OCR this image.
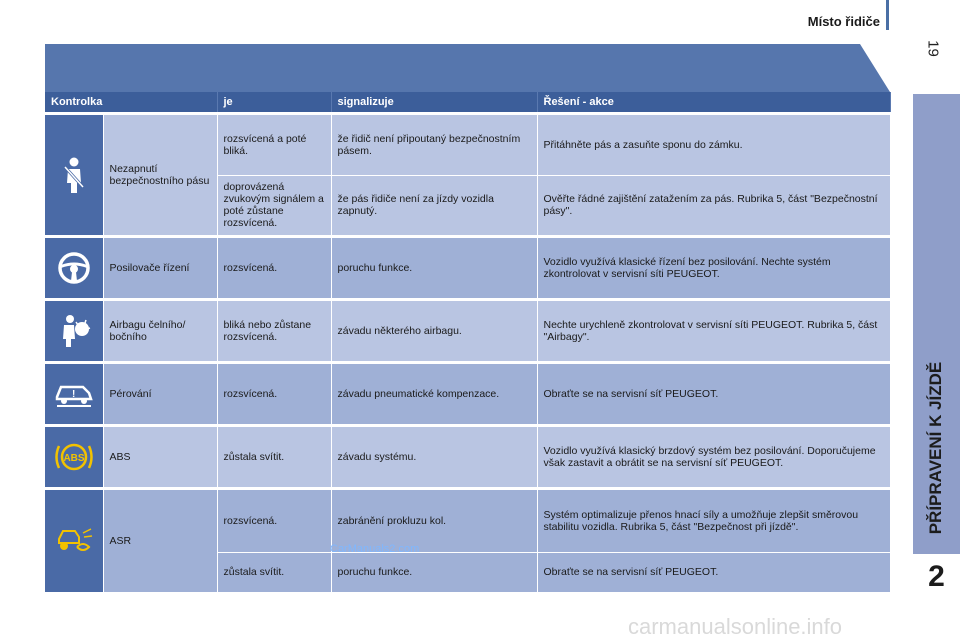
Místo řidiče
19
PŘÍPRAVENÍ K JÍZDĚ
2
Kontrolka		je	signalizuje	Řešení - akce

	Nezapnutí bezpečnostního pásu	rozsvícená a poté bliká.	že řidič není připoutaný bezpečnostním pásem.	Přitáhněte pás a zasuňte sponu do zámku.
		doprovázená zvukovým signálem a poté zůstane rozsvícená.	že pás řidiče není za jízdy vozidla zapnutý.	Ověřte řádné zajištění zatažením za pás. Rubrika 5, část "Bezpečnostní pásy".

	Posilovače řízení	rozsvícená.	poruchu funkce.	Vozidlo využívá klasické řízení bez posilování. Nechte systém zkontrolovat v servisní síti PEUGEOT.

	Airbagu čelního/ bočního	bliká nebo zůstane rozsvícená.	závadu některého airbagu.	Nechte urychleně zkontrolovat v servisní síti PEUGEOT. Rubrika 5, část "Airbagy".

!	Pérování	rozsvícená.	závadu pneumatické kompenzace.	Obraťte se na servisní síť PEUGEOT.

ABS	ABS	zůstala svítit.	závadu systému.	Vozidlo využívá klasický brzdový systém bez posilování. Doporučujeme však zastavit a obrátit se na servisní síť PEUGEOT.

	ASR	rozsvícená.	zabránění prokluzu kol.	Systém optimalizuje přenos hnací síly a umožňuje zlepšit směrovou stabilitu vozidla. Rubrika 5, část "Bezpečnost při jízdě".
		zůstala svítit.	poruchu funkce.	Obraťte se na servisní síť PEUGEOT.
CarManuals2.com
carmanualsonline.info
